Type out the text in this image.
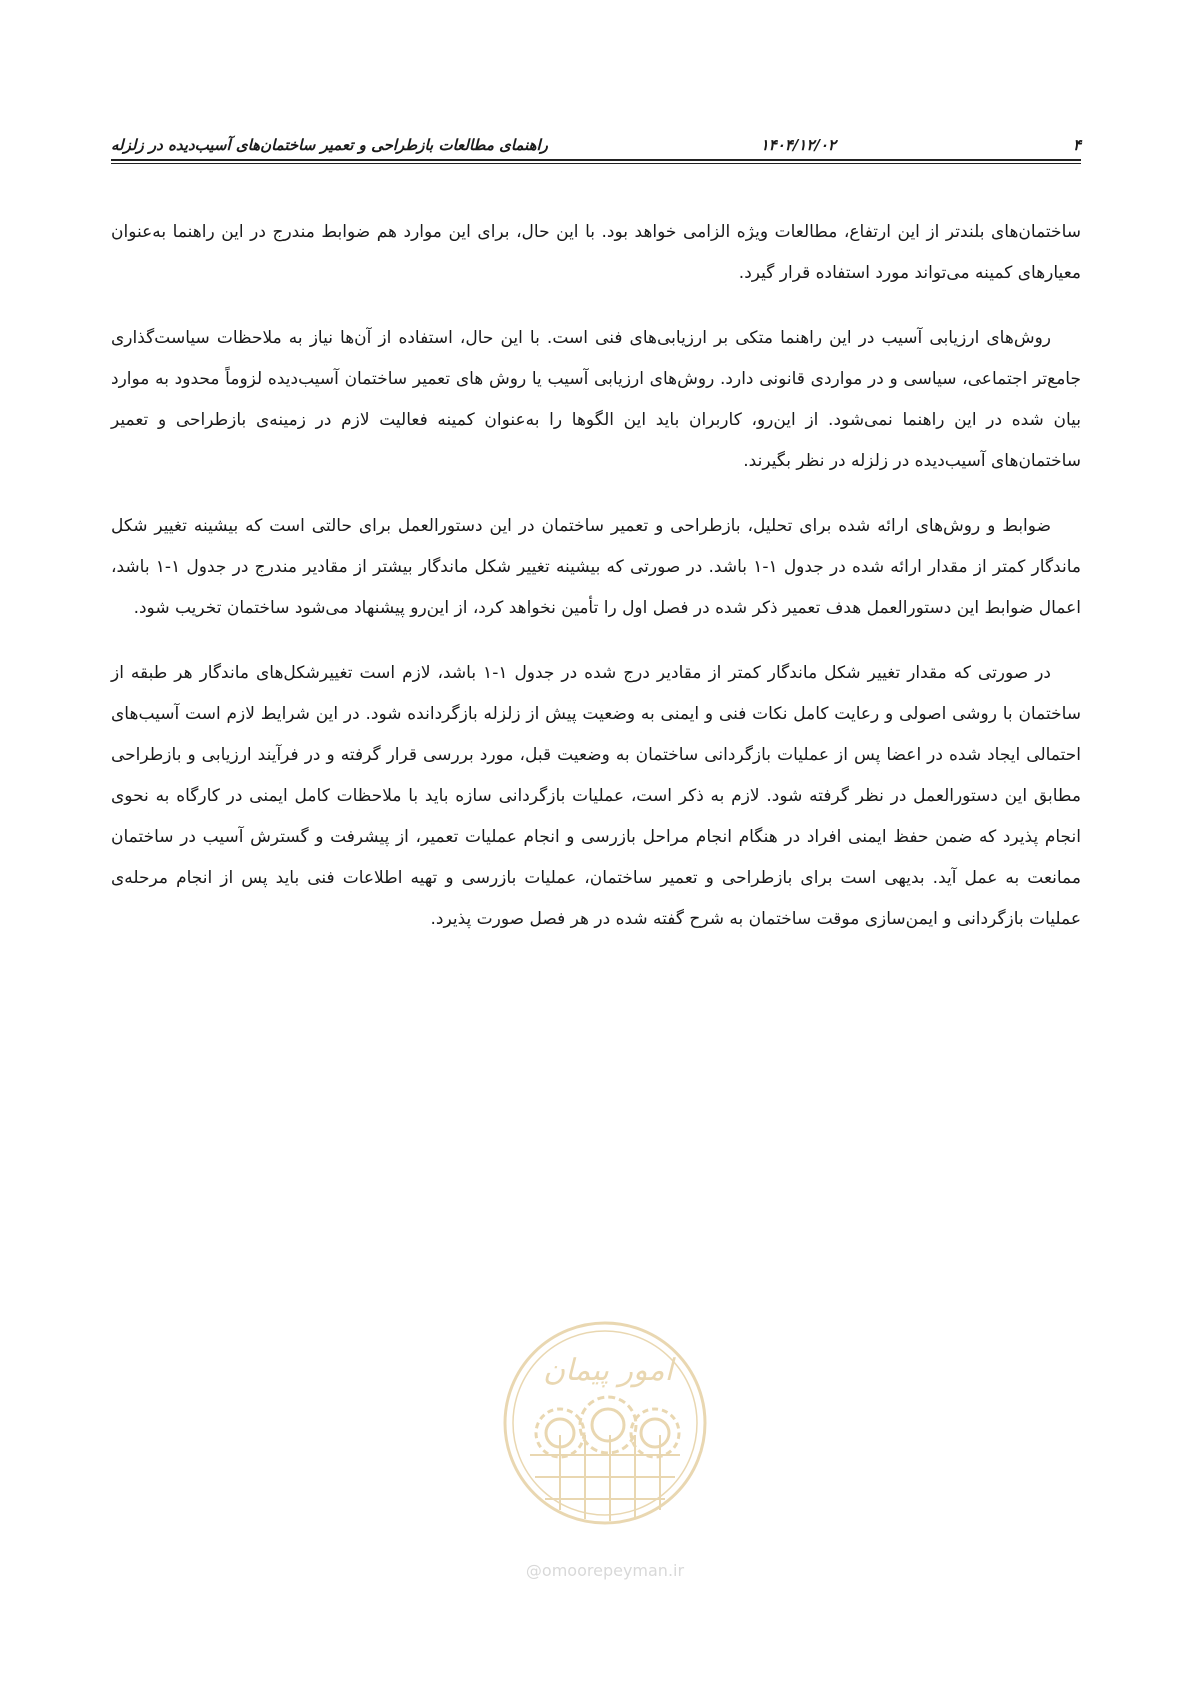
۴
۱۴۰۴/۱۲/۰۲
راهنمای مطالعات بازطراحی و تعمیر ساختمان‌های آسیب‌دیده در زلزله

ساختمان‌های بلندتر از این ارتفاع، مطالعات ویژه الزامی خواهد بود. با این حال، برای این موارد هم ضوابط مندرج در این راهنما به‌عنوان معیارهای کمینه می‌تواند مورد استفاده قرار گیرد.

روش‌های ارزیابی آسیب در این راهنما متکی بر ارزیابی‌های فنی است. با این حال، استفاده از آن‌ها نیاز به ملاحظات سیاست‌گذاری جامع‌تر اجتماعی، سیاسی و در مواردی قانونی دارد. روش‌های ارزیابی آسیب یا روش های تعمیر ساختمان آسیب‌دیده لزوماً محدود به موارد بیان شده در این راهنما نمی‌شود. از این‌رو، کاربران باید این الگوها را به‌عنوان کمینه فعالیت لازم در زمینه‌ی بازطراحی و تعمیر ساختمان‌های آسیب‌دیده در زلزله در نظر بگیرند.

ضوابط و روش‌های ارائه شده برای تحلیل، بازطراحی و تعمیر ساختمان در این دستورالعمل برای حالتی است که بیشینه تغییر شکل ماندگار کمتر از مقدار ارائه شده در جدول ۱-۱ باشد. در صورتی که بیشینه تغییر شکل ماندگار بیشتر از مقادیر مندرج در جدول ۱-۱ باشد، اعمال ضوابط این دستورالعمل هدف تعمیر ذکر شده در فصل اول را تأمین نخواهد کرد، از این‌رو پیشنهاد می‌شود ساختمان تخریب شود.

در صورتی که مقدار تغییر شکل ماندگار کمتر از مقادیر درج شده در جدول ۱-۱ باشد، لازم است تغییرشکل‌های ماندگار هر طبقه از ساختمان با روشی اصولی و رعایت کامل نکات فنی و ایمنی به وضعیت پیش از زلزله بازگردانده شود. در این شرایط لازم است آسیب‌های احتمالی ایجاد شده در اعضا پس از عملیات بازگردانی ساختمان به وضعیت قبل، مورد بررسی قرار گرفته و در فرآیند ارزیابی و بازطراحی مطابق این دستورالعمل در نظر گرفته شود. لازم به ذکر است، عملیات بازگردانی سازه باید با ملاحظات کامل ایمنی در کارگاه به نحوی انجام پذیرد که ضمن حفظ ایمنی افراد در هنگام انجام مراحل بازرسی و انجام عملیات تعمیر، از پیشرفت و گسترش آسیب در ساختمان ممانعت به عمل آید. بدیهی است برای بازطراحی و تعمیر ساختمان، عملیات بازرسی و تهیه اطلاعات فنی باید پس از انجام مرحله‌ی عملیات بازگردانی و ایمن‌سازی موقت ساختمان به شرح گفته شده در هر فصل صورت پذیرد.

امور پیمان
@omoorepeyman.ir
